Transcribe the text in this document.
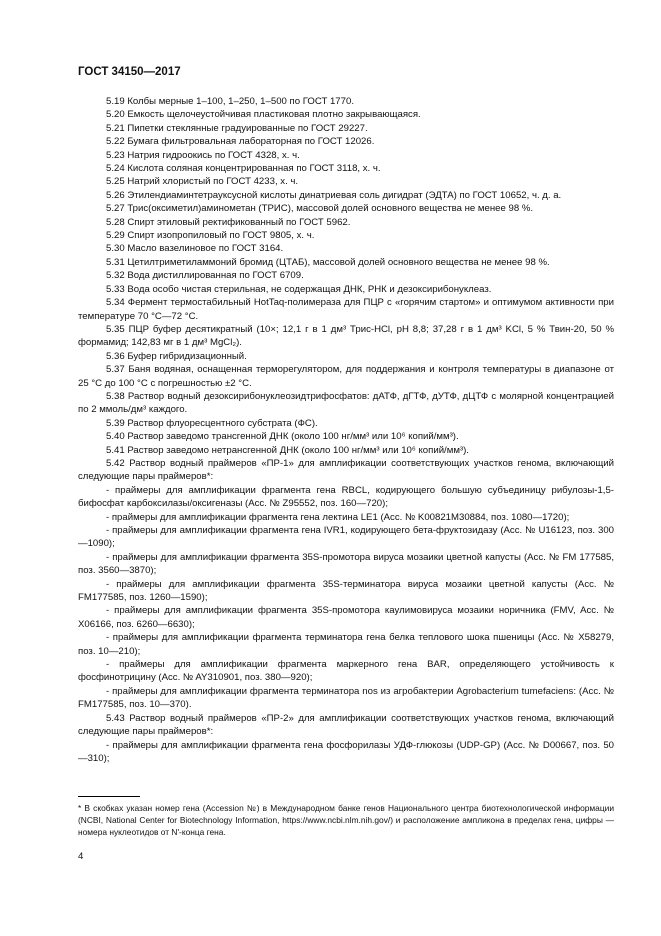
ГОСТ 34150—2017

5.19 Колбы мерные 1–100, 1–250, 1–500 по ГОСТ 1770.

5.20 Емкость щелочеустойчивая пластиковая плотно закрывающаяся.

5.21 Пипетки стеклянные градуированные по ГОСТ 29227.

5.22 Бумага фильтровальная лабораторная по ГОСТ 12026.

5.23 Натрия гидроокись по ГОСТ 4328, х. ч.

5.24 Кислота соляная концентрированная по ГОСТ 3118, х. ч.

5.25 Натрий хлористый по ГОСТ 4233, х. ч.

5.26 Этилендиаминтетрауксусной кислоты динатриевая соль дигидрат (ЭДТА) по ГОСТ 10652, ч. д. а.

5.27 Трис(оксиметил)аминометан (ТРИС), массовой долей основного вещества не менее 98 %.

5.28 Спирт этиловый ректификованный по ГОСТ 5962.

5.29 Спирт изопропиловый по ГОСТ 9805, х. ч.

5.30 Масло вазелиновое по ГОСТ 3164.

5.31 Цетилтриметиламмоний бромид (ЦТАБ), массовой долей основного вещества не менее 98 %.

5.32 Вода дистиллированная по ГОСТ 6709.

5.33 Вода особо чистая стерильная, не содержащая ДНК, РНК и дезоксирибонуклеаз.

5.34 Фермент термостабильный HotTaq-полимераза для ПЦР с «горячим стартом» и оптимумом активности при температуре 70 °С—72 °С.

5.35 ПЦР буфер десятикратный (10×; 12,1 г в 1 дм³ Трис-HCl, pH 8,8; 37,28 г в 1 дм³ KCl, 5 % Твин-20, 50 % формамид; 142,83 мг в 1 дм³ MgCl₂).

5.36 Буфер гибридизационный.

5.37 Баня водяная, оснащенная терморегулятором, для поддержания и контроля температуры в диапазоне от 25 °С до 100 °С с погрешностью ±2 °С.

5.38 Раствор водный дезоксирибонуклеозидтрифосфатов: дАТФ, дГТФ, дУТФ, дЦТФ с молярной концентрацией по 2 ммоль/дм³ каждого.

5.39 Раствор флуоресцентного субстрата (ФС).

5.40 Раствор заведомо трансгенной ДНК (около 100 нг/мм³ или 10⁶ копий/мм³).

5.41 Раствор заведомо нетрансгенной ДНК (около 100 нг/мм³ или 10⁶ копий/мм³).

5.42 Раствор водный праймеров «ПР-1» для амплификации соответствующих участков генома, включающий следующие пары праймеров*:

- праймеры для амплификации фрагмента гена RBCL, кодирующего большую субъединицу рибулозы-1,5-бифосфат карбоксилазы/оксигеназы (Acc. № Z95552, поз. 160—720);

- праймеры для амплификации фрагмента гена лектина LE1 (Acc. № K00821M30884, поз. 1080—1720);

- праймеры для амплификации фрагмента гена IVR1, кодирующего бета-фруктозидазу (Acc. № U16123, поз. 300—1090);

- праймеры для амплификации фрагмента 35S-промотора вируса мозаики цветной капусты (Acc. № FM 177585, поз. 3560—3870);

- праймеры для амплификации фрагмента 35S-терминатора вируса мозаики цветной капусты (Acc. № FM177585, поз. 1260—1590);

- праймеры для амплификации фрагмента 35S-промотора каулимовируса мозаики норичника (FMV, Acc. № X06166, поз. 6260—6630);

- праймеры для амплификации фрагмента терминатора гена белка теплового шока пшеницы (Acc. № X58279, поз. 10—210);

- праймеры для амплификации фрагмента маркерного гена BAR, определяющего устойчивость к фосфинотрицину (Acc. № AY310901, поз. 380—920);

- праймеры для амплификации фрагмента терминатора nos из агробактерии Agrobacterium tumefaciens: (Acc. № FM177585, поз. 10—370).

5.43 Раствор водный праймеров «ПР-2» для амплификации соответствующих участков генома, включающий следующие пары праймеров*:

- праймеры для амплификации фрагмента гена фосфорилазы УДФ-глюкозы (UDP-GP) (Acc. № D00667, поз. 50—310);

* В скобках указан номер гена (Accession №) в Международном банке генов Национального центра биотехнологической информации (NCBI, National Center for Biotechnology Information, https://www.ncbi.nlm.nih.gov/) и расположение ампликона в пределах гена, цифры — номера нуклеотидов от N'-конца гена.
4
